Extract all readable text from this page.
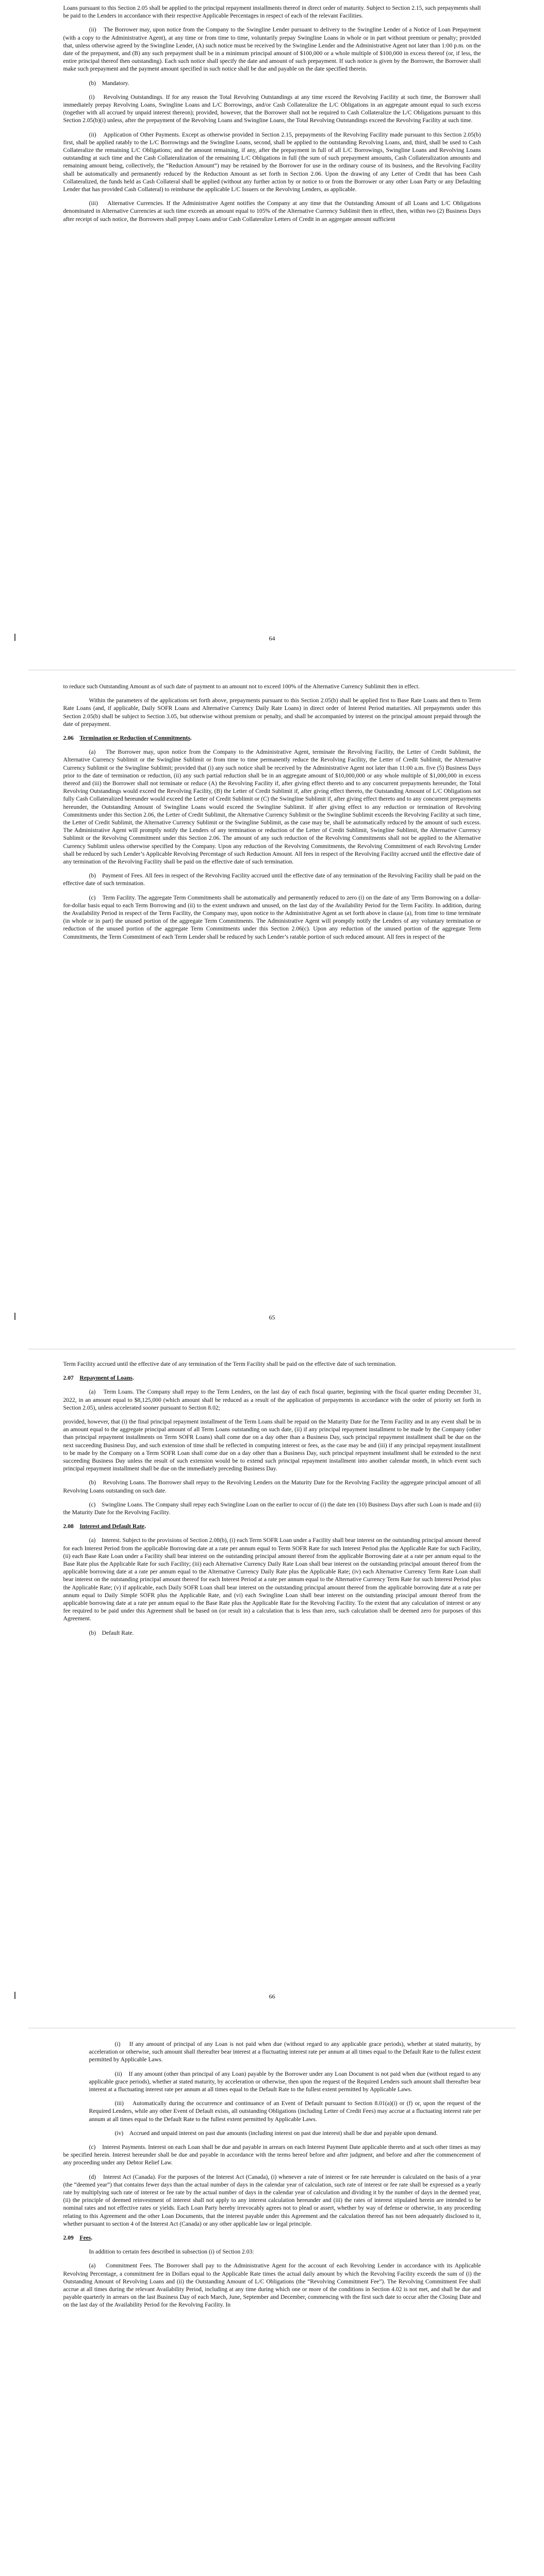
Loans pursuant to this Section 2.05 shall be applied to the principal repayment installments thereof in direct order of maturity. Subject to Section 2.15, such prepayments shall be paid to the Lenders in accordance with their respective Applicable Percentages in respect of each of the relevant Facilities.

(ii)    The Borrower may, upon notice from the Company to the Swingline Lender pursuant to delivery to the Swingline Lender of a Notice of Loan Prepayment (with a copy to the Administrative Agent), at any time or from time to time, voluntarily prepay Swingline Loans in whole or in part without premium or penalty; provided that, unless otherwise agreed by the Swingline Lender, (A) such notice must be received by the Swingline Lender and the Administrative Agent not later than 1:00 p.m. on the date of the prepayment, and (B) any such prepayment shall be in a minimum principal amount of $100,000 or a whole multiple of $100,000 in excess thereof (or, if less, the entire principal thereof then outstanding). Each such notice shall specify the date and amount of such prepayment. If such notice is given by the Borrower, the Borrower shall make such prepayment and the payment amount specified in such notice shall be due and payable on the date specified therein.

(b)    Mandatory.

(i)    Revolving Outstandings. If for any reason the Total Revolving Outstandings at any time exceed the Revolving Facility at such time, the Borrower shall immediately prepay Revolving Loans, Swingline Loans and L/C Borrowings, and/or Cash Collateralize the L/C Obligations in an aggregate amount equal to such excess (together with all accrued by unpaid interest thereon); provided, however, that the Borrower shall not be required to Cash Collateralize the L/C Obligations pursuant to this Section 2.05(b)(i) unless, after the prepayment of the Revolving Loans and Swingline Loans, the Total Revolving Outstandings exceed the Revolving Facility at such time.

(ii)    Application of Other Payments. Except as otherwise provided in Section 2.15, prepayments of the Revolving Facility made pursuant to this Section 2.05(b) first, shall be applied ratably to the L/C Borrowings and the Swingline Loans, second, shall be applied to the outstanding Revolving Loans, and, third, shall be used to Cash Collateralize the remaining L/C Obligations; and the amount remaining, if any, after the prepayment in full of all L/C Borrowings, Swingline Loans and Revolving Loans outstanding at such time and the Cash Collateralization of the remaining L/C Obligations in full (the sum of such prepayment amounts, Cash Collateralization amounts and remaining amount being, collectively, the “Reduction Amount”) may be retained by the Borrower for use in the ordinary course of its business, and the Revolving Facility shall be automatically and permanently reduced by the Reduction Amount as set forth in Section 2.06. Upon the drawing of any Letter of Credit that has been Cash Collateralized, the funds held as Cash Collateral shall be applied (without any further action by or notice to or from the Borrower or any other Loan Party or any Defaulting Lender that has provided Cash Collateral) to reimburse the applicable L/C Issuers or the Revolving Lenders, as applicable.

(iii)    Alternative Currencies. If the Administrative Agent notifies the Company at any time that the Outstanding Amount of all Loans and L/C Obligations denominated in Alternative Currencies at such time exceeds an amount equal to 105% of the Alternative Currency Sublimit then in effect, then, within two (2) Business Days after receipt of such notice, the Borrowers shall prepay Loans and/or Cash Collateralize Letters of Credit in an aggregate amount sufficient

64

to reduce such Outstanding Amount as of such date of payment to an amount not to exceed 100% of the Alternative Currency Sublimit then in effect.

Within the parameters of the applications set forth above, prepayments pursuant to this Section 2.05(b) shall be applied first to Base Rate Loans and then to Term Rate Loans (and, if applicable, Daily SOFR Loans and Alternative Currency Daily Rate Loans) in direct order of Interest Period maturities. All prepayments under this Section 2.05(b) shall be subject to Section 3.05, but otherwise without premium or penalty, and shall be accompanied by interest on the principal amount prepaid through the date of prepayment.

2.06 Termination or Reduction of Commitments.

(a) The Borrower may, upon notice from the Company to the Administrative Agent, terminate the Revolving Facility, the Letter of Credit Sublimit, the Alternative Currency Sublimit or the Swingline Sublimit or from time to time permanently reduce the Revolving Facility, the Letter of Credit Sublimit, the Alternative Currency Sublimit or the Swingline Sublimit; provided that (i) any such notice shall be received by the Administrative Agent not later than 11:00 a.m. five (5) Business Days prior to the date of termination or reduction, (ii) any such partial reduction shall be in an aggregate amount of $10,000,000 or any whole multiple of $1,000,000 in excess thereof and (iii) the Borrower shall not terminate or reduce (A) the Revolving Facility if, after giving effect thereto and to any concurrent prepayments hereunder, the Total Revolving Outstandings would exceed the Revolving Facility, (B) the Letter of Credit Sublimit if, after giving effect thereto, the Outstanding Amount of L/C Obligations not fully Cash Collateralized hereunder would exceed the Letter of Credit Sublimit or (C) the Swingline Sublimit if, after giving effect thereto and to any concurrent prepayments hereunder, the Outstanding Amount of Swingline Loans would exceed the Swingline Sublimit. If after giving effect to any reduction or termination of Revolving Commitments under this Section 2.06, the Letter of Credit Sublimit, the Alternative Currency Sublimit or the Swingline Sublimit exceeds the Revolving Facility at such time, the Letter of Credit Sublimit, the Alternative Currency Sublimit or the Swingline Sublimit, as the case may be, shall be automatically reduced by the amount of such excess. The Administrative Agent will promptly notify the Lenders of any termination or reduction of the Letter of Credit Sublimit, Swingline Sublimit, the Alternative Currency Sublimit or the Revolving Commitment under this Section 2.06. The amount of any such reduction of the Revolving Commitments shall not be applied to the Alternative Currency Sublimit unless otherwise specified by the Company. Upon any reduction of the Revolving Commitments, the Revolving Commitment of each Revolving Lender shall be reduced by such Lender’s Applicable Revolving Percentage of such Reduction Amount. All fees in respect of the Revolving Facility accrued until the effective date of any termination of the Revolving Facility shall be paid on the effective date of such termination.

(b)    Payment of Fees. All fees in respect of the Revolving Facility accrued until the effective date of any termination of the Revolving Facility shall be paid on the effective date of such termination.

(c)    Term Facility. The aggregate Term Commitments shall be automatically and permanently reduced to zero (i) on the date of any Term Borrowing on a dollar-for-dollar basis equal to each Term Borrowing and (ii) to the extent undrawn and unused, on the last day of the Availability Period for the Term Facility. In addition, during the Availability Period in respect of the Term Facility, the Company may, upon notice to the Administrative Agent as set forth above in clause (a), from time to time terminate (in whole or in part) the unused portion of the aggregate Term Commitments. The Administrative Agent will promptly notify the Lenders of any voluntary termination or reduction of the unused portion of the aggregate Term Commitments under this Section 2.06(c). Upon any reduction of the unused portion of the aggregate Term Commitments, the Term Commitment of each Term Lender shall be reduced by such Lender’s ratable portion of such reduced amount. All fees in respect of the

65

Term Facility accrued until the effective date of any termination of the Term Facility shall be paid on the effective date of such termination.

2.07 Repayment of Loans.

(a)    Term Loans. The Company shall repay to the Term Lenders, on the last day of each fiscal quarter, beginning with the fiscal quarter ending December 31, 2022, in an amount equal to $8,125,000 (which amount shall be reduced as a result of the application of prepayments in accordance with the order of priority set forth in Section 2.05), unless accelerated sooner pursuant to Section 8.02;

provided, however, that (i) the final principal repayment installment of the Term Loans shall be repaid on the Maturity Date for the Term Facility and in any event shall be in an amount equal to the aggregate principal amount of all Term Loans outstanding on such date, (ii) if any principal repayment installment to be made by the Company (other than principal repayment installments on Term SOFR Loans) shall come due on a day other than a Business Day, such principal repayment installment shall be due on the next succeeding Business Day, and such extension of time shall be reflected in computing interest or fees, as the case may be and (iii) if any principal repayment installment to be made by the Company on a Term SOFR Loan shall come due on a day other than a Business Day, such principal repayment installment shall be extended to the next succeeding Business Day unless the result of such extension would be to extend such principal repayment installment into another calendar month, in which event such principal repayment installment shall be due on the immediately preceding Business Day.

(b)    Revolving Loans. The Borrower shall repay to the Revolving Lenders on the Maturity Date for the Revolving Facility the aggregate principal amount of all Revolving Loans outstanding on such date.

(c)    Swingline Loans. The Company shall repay each Swingline Loan on the earlier to occur of (i) the date ten (10) Business Days after such Loan is made and (ii) the Maturity Date for the Revolving Facility.

2.08 Interest and Default Rate.

(a)    Interest. Subject to the provisions of Section 2.08(b), (i) each Term SOFR Loan under a Facility shall bear interest on the outstanding principal amount thereof for each Interest Period from the applicable Borrowing date at a rate per annum equal to Term SOFR Rate for such Interest Period plus the Applicable Rate for such Facility, (ii) each Base Rate Loan under a Facility shall bear interest on the outstanding principal amount thereof from the applicable Borrowing date at a rate per annum equal to the Base Rate plus the Applicable Rate for such Facility; (iii) each Alternative Currency Daily Rate Loan shall bear interest on the outstanding principal amount thereof from the applicable borrowing date at a rate per annum equal to the Alternative Currency Daily Rate plus the Applicable Rate; (iv) each Alternative Currency Term Rate Loan shall bear interest on the outstanding principal amount thereof for each Interest Period at a rate per annum equal to the Alternative Currency Term Rate for such Interest Period plus the Applicable Rate; (v) if applicable, each Daily SOFR Loan shall bear interest on the outstanding principal amount thereof from the applicable borrowing date at a rate per annum equal to Daily Simple SOFR plus the Applicable Rate, and (vi) each Swingline Loan shall bear interest on the outstanding principal amount thereof from the applicable borrowing date at a rate per annum equal to the Base Rate plus the Applicable Rate for the Revolving Facility. To the extent that any calculation of interest or any fee required to be paid under this Agreement shall be based on (or result in) a calculation that is less than zero, such calculation shall be deemed zero for purposes of this Agreement.

(b)    Default Rate.

66

(i)    If any amount of principal of any Loan is not paid when due (without regard to any applicable grace periods), whether at stated maturity, by acceleration or otherwise, such amount shall thereafter bear interest at a fluctuating interest rate per annum at all times equal to the Default Rate to the fullest extent permitted by Applicable Laws.

(ii)    If any amount (other than principal of any Loan) payable by the Borrower under any Loan Document is not paid when due (without regard to any applicable grace periods), whether at stated maturity, by acceleration or otherwise, then upon the request of the Required Lenders such amount shall thereafter bear interest at a fluctuating interest rate per annum at all times equal to the Default Rate to the fullest extent permitted by Applicable Laws.

(iii)    Automatically during the occurrence and continuance of an Event of Default pursuant to Section 8.01(a)(i) or (f) or, upon the request of the Required Lenders, while any other Event of Default exists, all outstanding Obligations (including Letter of Credit Fees) may accrue at a fluctuating interest rate per annum at all times equal to the Default Rate to the fullest extent permitted by Applicable Laws.

(iv)    Accrued and unpaid interest on past due amounts (including interest on past due interest) shall be due and payable upon demand.

(c)    Interest Payments. Interest on each Loan shall be due and payable in arrears on each Interest Payment Date applicable thereto and at such other times as may be specified herein. Interest hereunder shall be due and payable in accordance with the terms hereof before and after judgment, and before and after the commencement of any proceeding under any Debtor Relief Law.

(d)    Interest Act (Canada). For the purposes of the Interest Act (Canada), (i) whenever a rate of interest or fee rate hereunder is calculated on the basis of a year (the “deemed year”) that contains fewer days than the actual number of days in the calendar year of calculation, such rate of interest or fee rate shall be expressed as a yearly rate by multiplying such rate of interest or fee rate by the actual number of days in the calendar year of calculation and dividing it by the number of days in the deemed year, (ii) the principle of deemed reinvestment of interest shall not apply to any interest calculation hereunder and (iii) the rates of interest stipulated herein are intended to be nominal rates and not effective rates or yields. Each Loan Party hereby irrevocably agrees not to plead or assert, whether by way of defense or otherwise, in any proceeding relating to this Agreement and the other Loan Documents, that the interest payable under this Agreement and the calculation thereof has not been adequately disclosed to it, whether pursuant to section 4 of the Interest Act (Canada) or any other applicable law or legal principle.

2.09 Fees.

In addition to certain fees described in subsection (i) of Section 2.03:

(a)    Commitment Fees. The Borrower shall pay to the Administrative Agent for the account of each Revolving Lender in accordance with its Applicable Revolving Percentage, a commitment fee in Dollars equal to the Applicable Rate times the actual daily amount by which the Revolving Facility exceeds the sum of (i) the Outstanding Amount of Revolving Loans and (ii) the Outstanding Amount of L/C Obligations (the “Revolving Commitment Fee”). The Revolving Commitment Fee shall accrue at all times during the relevant Availability Period, including at any time during which one or more of the conditions in Section 4.02 is not met, and shall be due and payable quarterly in arrears on the last Business Day of each March, June, September and December, commencing with the first such date to occur after the Closing Date and on the last day of the Availability Period for the Revolving Facility. In
